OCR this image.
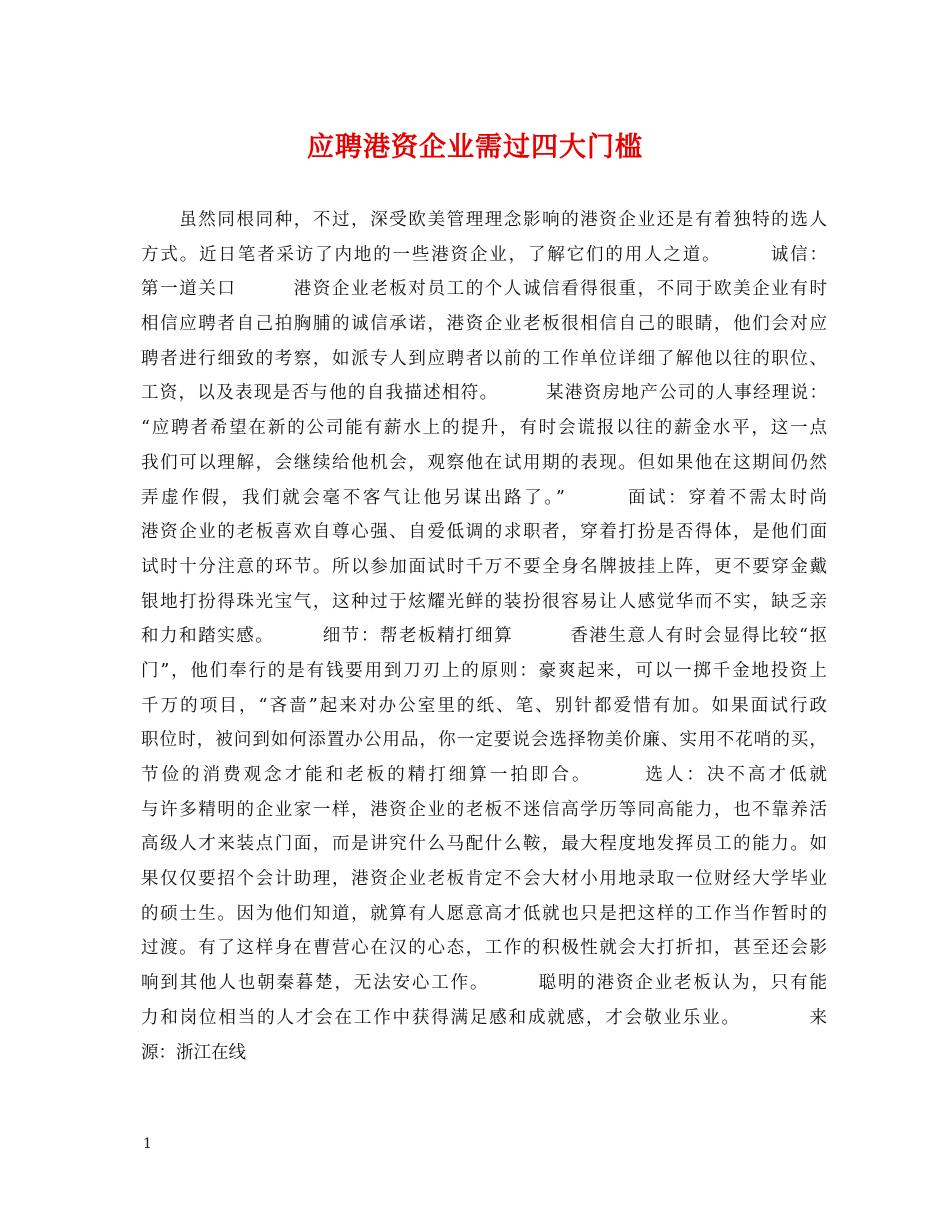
应聘港资企业需过四大门槛
　　虽然同根同种，不过，深受欧美管理理念影响的港资企业还是有着独特的选人
方式。近日笔者采访了内地的一些港资企业，了解它们的用人之道。　　　诚信：
第一道关口　　　港资企业老板对员工的个人诚信看得很重，不同于欧美企业有时
相信应聘者自己拍胸脯的诚信承诺，港资企业老板很相信自己的眼睛，他们会对应
聘者进行细致的考察，如派专人到应聘者以前的工作单位详细了解他以往的职位、
工资，以及表现是否与他的自我描述相符。　　　某港资房地产公司的人事经理说：
“应聘者希望在新的公司能有薪水上的提升，有时会谎报以往的薪金水平，这一点
我们可以理解，会继续给他机会，观察他在试用期的表现。但如果他在这期间仍然
弄虚作假，我们就会毫不客气让他另谋出路了。”　　　面试：穿着不需太时尚
港资企业的老板喜欢自尊心强、自爱低调的求职者，穿着打扮是否得体，是他们面
试时十分注意的环节。所以参加面试时千万不要全身名牌披挂上阵，更不要穿金戴
银地打扮得珠光宝气，这种过于炫耀光鲜的装扮很容易让人感觉华而不实，缺乏亲
和力和踏实感。　　　细节：帮老板精打细算　　　香港生意人有时会显得比较“抠
门”，他们奉行的是有钱要用到刀刃上的原则：豪爽起来，可以一掷千金地投资上
千万的项目，“吝啬”起来对办公室里的纸、笔、别针都爱惜有加。如果面试行政
职位时，被问到如何添置办公用品，你一定要说会选择物美价廉、实用不花哨的买，
节俭的消费观念才能和老板的精打细算一拍即合。　　　选人：决不高才低就
与许多精明的企业家一样，港资企业的老板不迷信高学历等同高能力，也不靠养活
高级人才来装点门面，而是讲究什么马配什么鞍，最大程度地发挥员工的能力。如
果仅仅要招个会计助理，港资企业老板肯定不会大材小用地录取一位财经大学毕业
的硕士生。因为他们知道，就算有人愿意高才低就也只是把这样的工作当作暂时的
过渡。有了这样身在曹营心在汉的心态，工作的积极性就会大打折扣，甚至还会影
响到其他人也朝秦暮楚，无法安心工作。　　　聪明的港资企业老板认为，只有能
力和岗位相当的人才会在工作中获得满足感和成就感，才会敬业乐业。　　　　来
源：浙江在线
1
